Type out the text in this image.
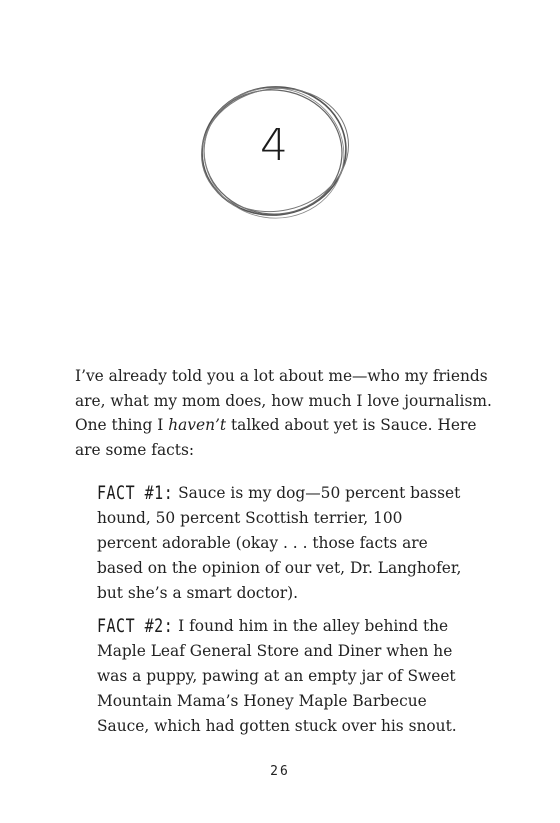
4

I’ve already told you a lot about me—who my friends are, what my mom does, how much I love journalism. One thing I haven’t talked about yet is Sauce. Here are some facts:

FACT #1: Sauce is my dog—50 percent basset hound, 50 percent Scottish terrier, 100 percent adorable (okay . . . those facts are based on the opinion of our vet, Dr. Langhofer, but she’s a smart doctor).

FACT #2: I found him in the alley behind the Maple Leaf General Store and Diner when he was a puppy, pawing at an empty jar of Sweet Mountain Mama’s Honey Maple Barbecue Sauce, which had gotten stuck over his snout.

26
